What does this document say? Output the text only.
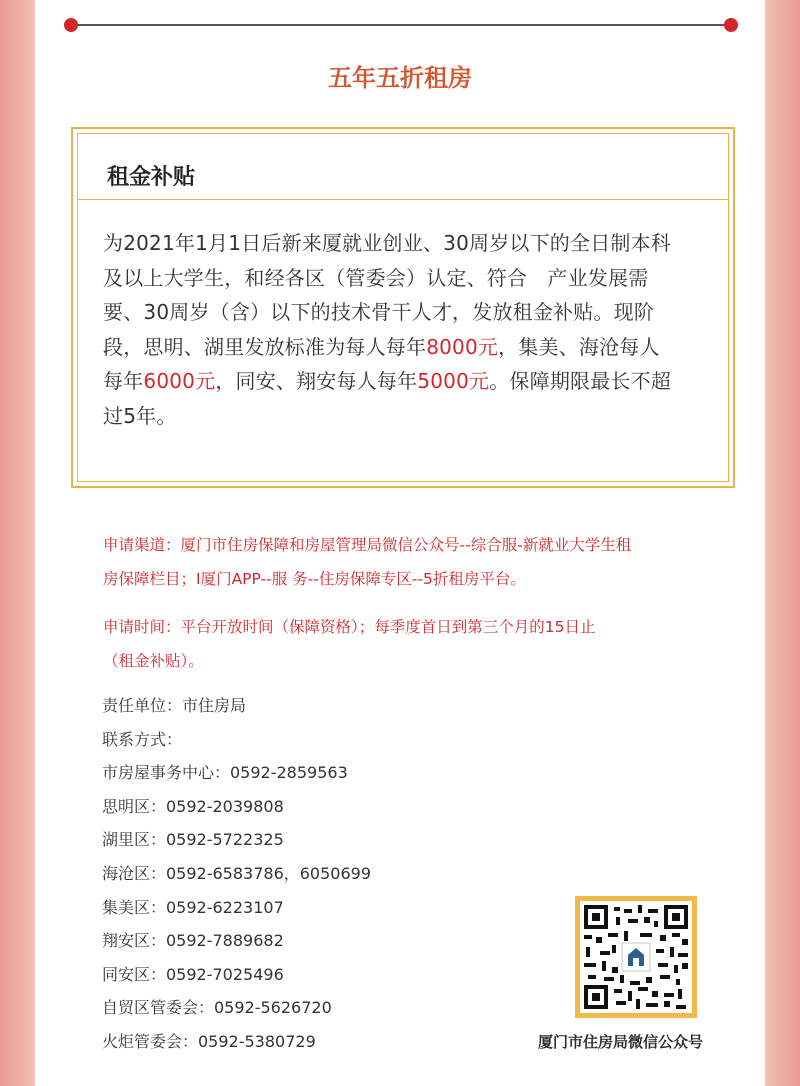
五年五折租房
租金补贴
为2021年1月1日后新来厦就业创业、30周岁以下的全日制本科
及以上大学生，和经各区（管委会）认定、符合　产业发展需
要、30周岁（含）以下的技术骨干人才，发放租金补贴。现阶
段，思明、湖里发放标准为每人每年8000元，集美、海沧每人
每年6000元，同安、翔安每人每年5000元。保障期限最长不超
过5年。
申请渠道：厦门市住房保障和房屋管理局微信公众号--综合服-新就业大学生租
房保障栏目；I厦门APP--服 务--住房保障专区--5折租房平台。
申请时间：平台开放时间（保障资格）；每季度首日到第三个月的15日止
（租金补贴）。
责任单位：市住房局
联系方式：
市房屋事务中心：0592-2859563
思明区：0592-2039808
湖里区：0592-5722325
海沧区：0592-6583786，6050699
集美区：0592-6223107
翔安区：0592-7889682
同安区：0592-7025496
自贸区管委会：0592-5626720
火炬管委会：0592-5380729	厦门市住房局微信公众号
